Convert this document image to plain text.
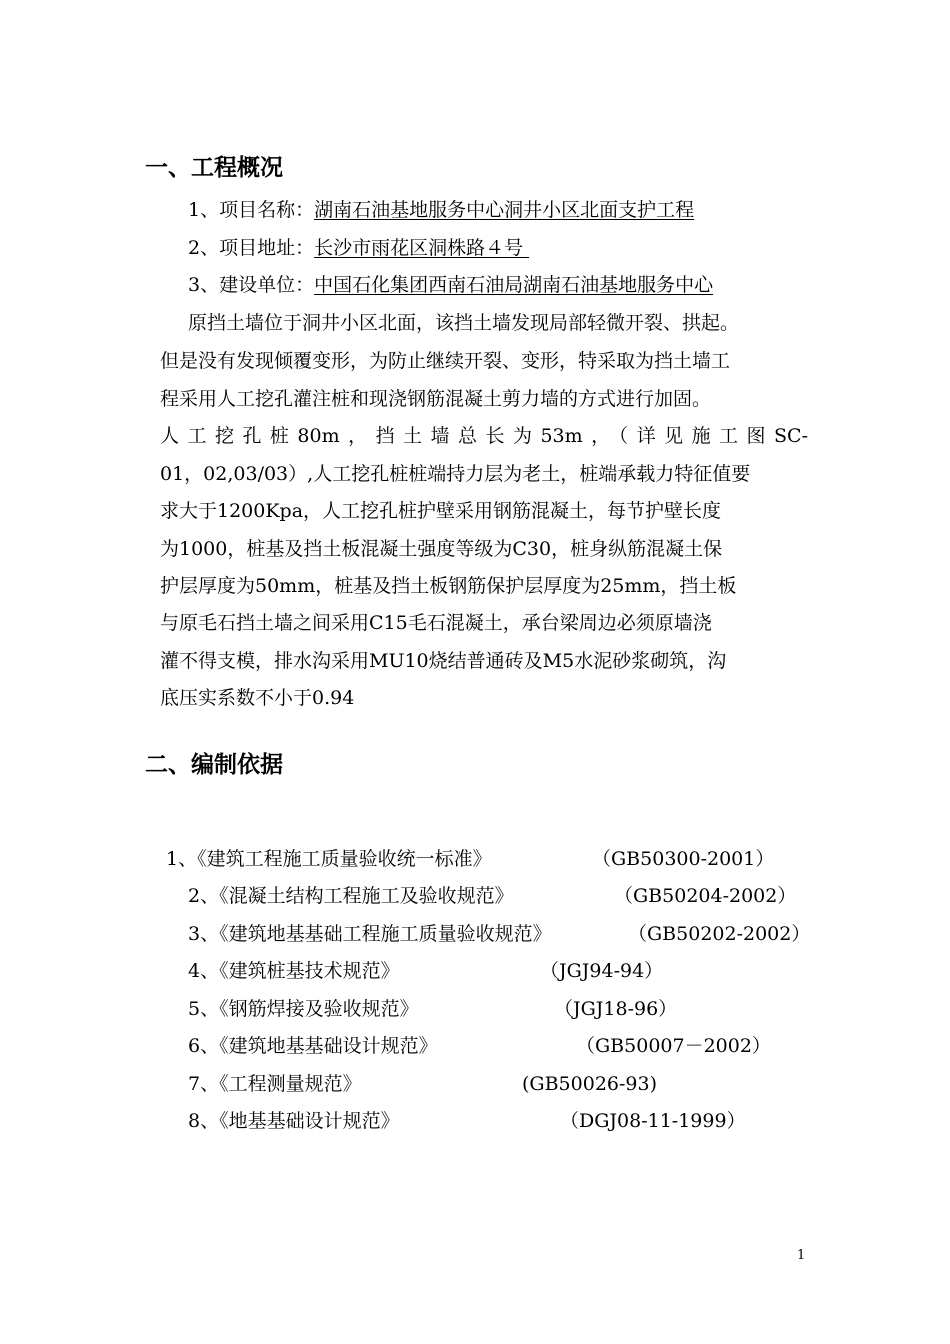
一、工程概况
1、项目名称：湖南石油基地服务中心洞井小区北面支护工程
2、项目地址：长沙市雨花区洞株路４号
3、建设单位：中国石化集团西南石油局湖南石油基地服务中心
原挡土墙位于洞井小区北面，该挡土墙发现局部轻微开裂、拱起。
但是没有发现倾覆变形，为防止继续开裂、变形，特采取为挡土墙工
程采用人工挖孔灌注桩和现浇钢筋混凝土剪力墙的方式进行加固。
人工挖孔桩80m，挡土墙总长为53m，（详见施工图SC-
01，02,03/03）,人工挖孔桩桩端持力层为老土，桩端承载力特征值要
求大于1200Kpa，人工挖孔桩护壁采用钢筋混凝土，每节护壁长度
为1000，桩基及挡土板混凝土强度等级为C30，桩身纵筋混凝土保
护层厚度为50mm，桩基及挡土板钢筋保护层厚度为25mm，挡土板
与原毛石挡土墙之间采用C15毛石混凝土，承台梁周边必须原墙浇
灌不得支模，排水沟采用MU10烧结普通砖及M5水泥砂浆砌筑，沟
底压实系数不小于0.94
二、编制依据
1、《建筑工程施工质量验收统一标准》	（GB50300-2001）
2、《混凝土结构工程施工及验收规范》	（GB50204-2002）
3、《建筑地基基础工程施工质量验收规范》	（GB50202-2002）
4、《建筑桩基技术规范》	（JGJ94-94）
5、《钢筋焊接及验收规范》	（JGJ18-96）
6、《建筑地基基础设计规范》	（GB50007－2002）
7、《工程测量规范》	(GB50026-93)
8、《地基基础设计规范》	（DGJ08-11-1999）
1
